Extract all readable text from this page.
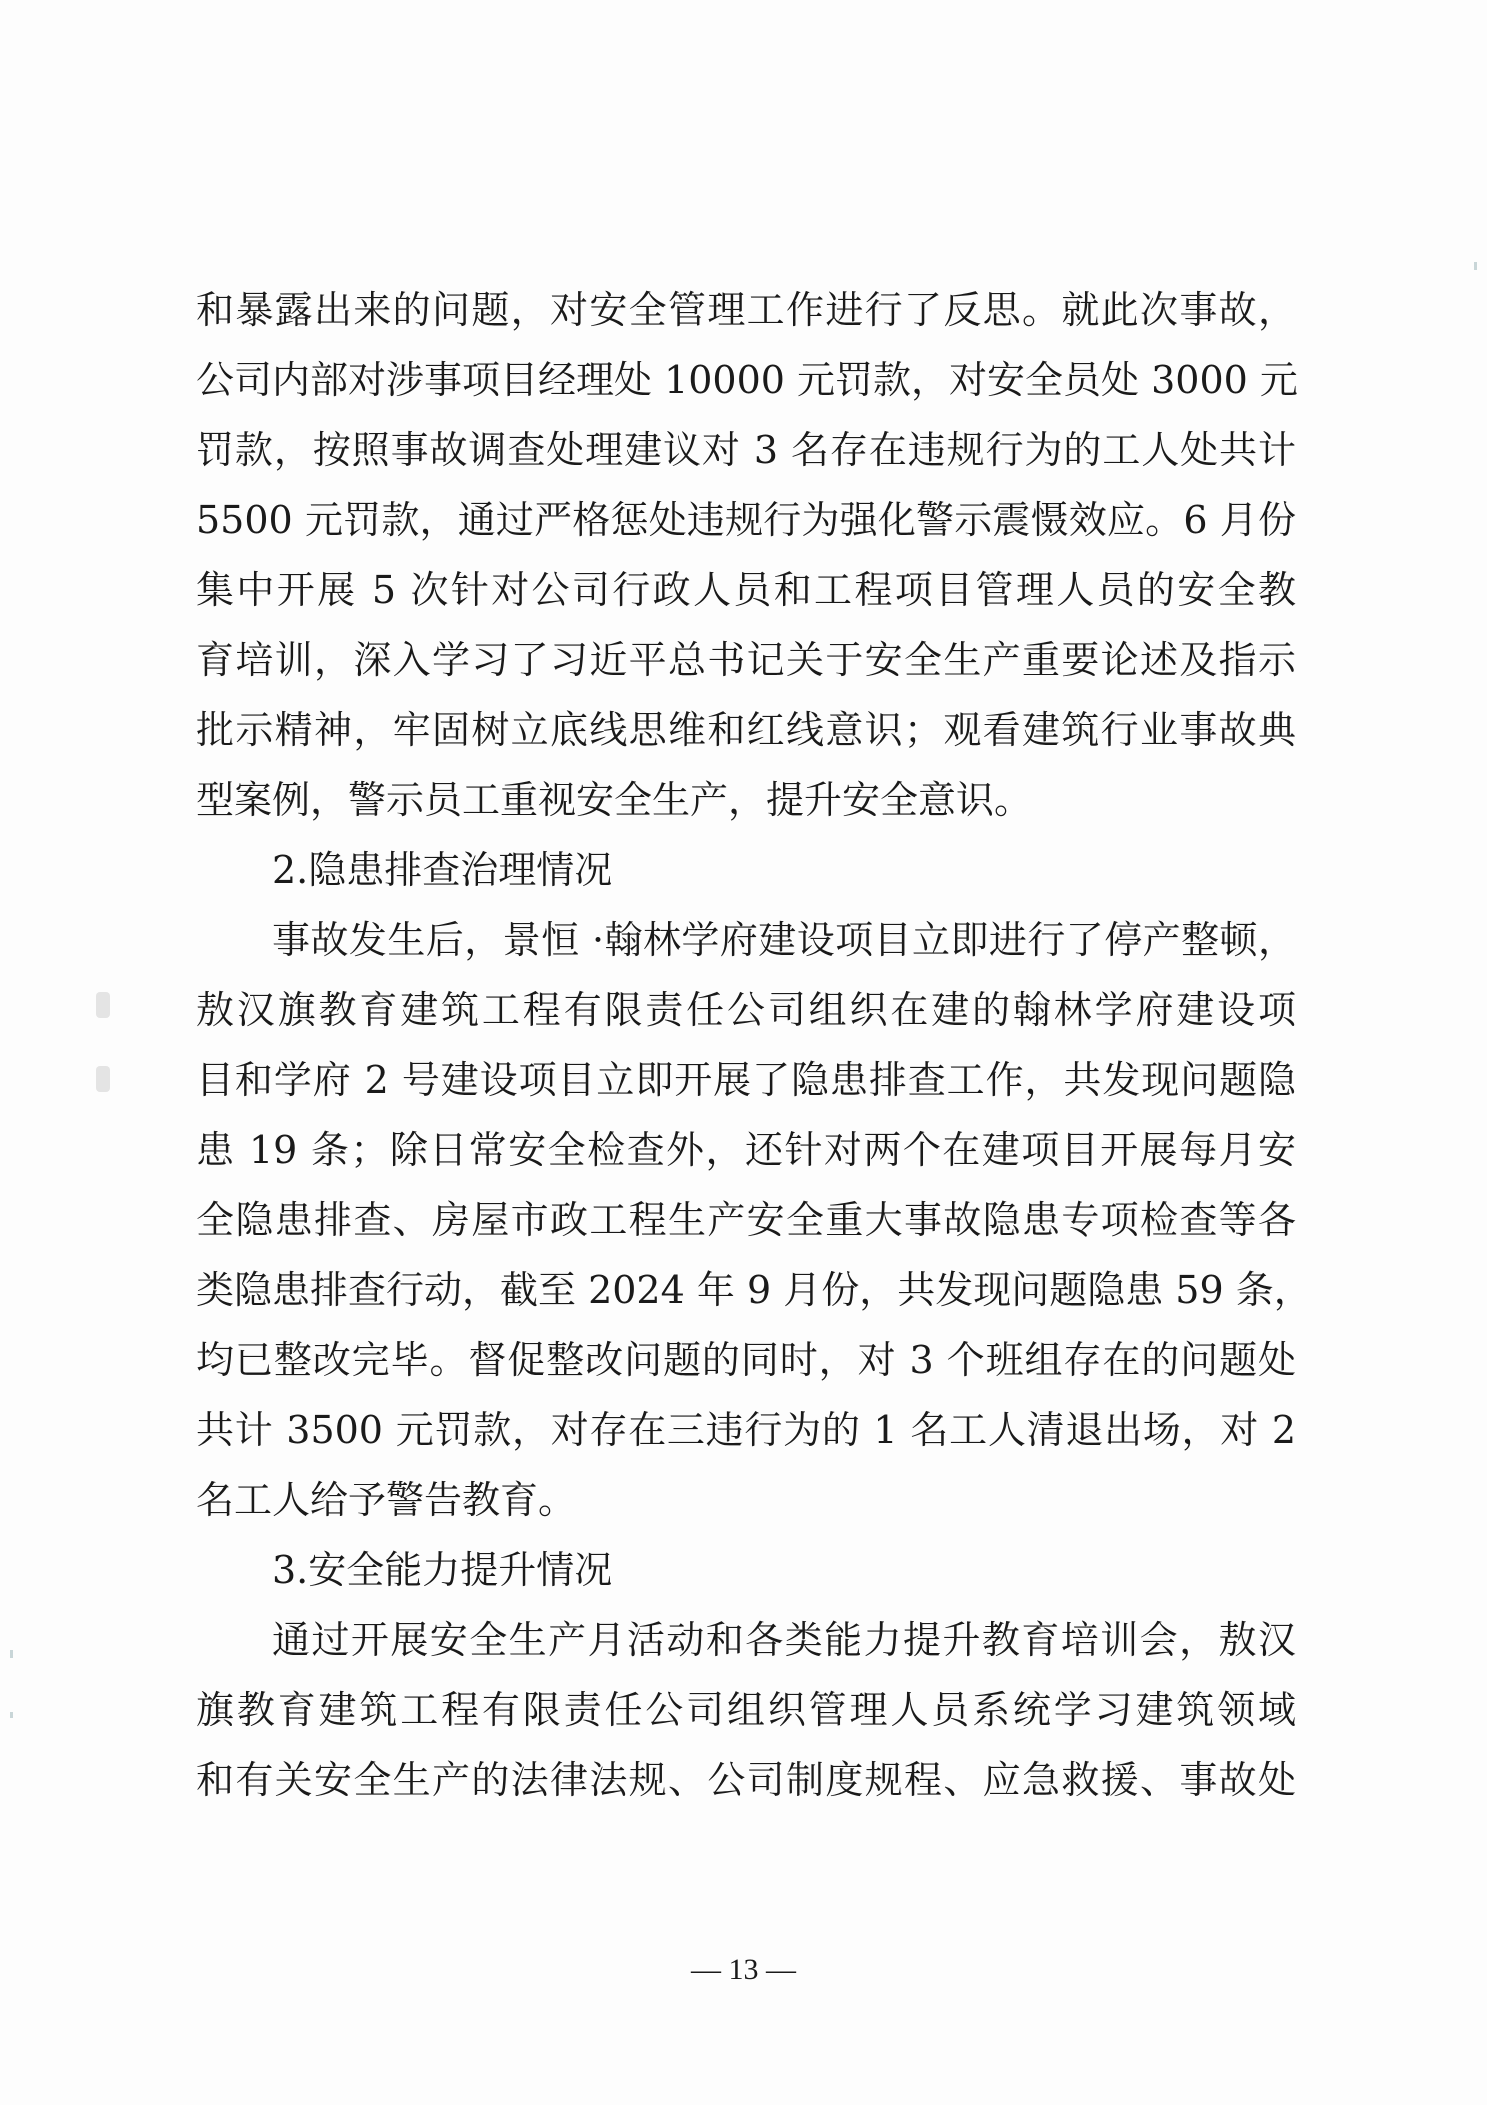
和暴露出来的问题，对安全管理工作进行了反思。就此次事故，
公司内部对涉事项目经理处 10000 元罚款，对安全员处 3000 元
罚款，按照事故调查处理建议对 3 名存在违规行为的工人处共计
5500 元罚款，通过严格惩处违规行为强化警示震慑效应。6 月份
集中开展 5 次针对公司行政人员和工程项目管理人员的安全教
育培训，深入学习了习近平总书记关于安全生产重要论述及指示
批示精神，牢固树立底线思维和红线意识；观看建筑行业事故典
型案例，警示员工重视安全生产，提升安全意识。
2.隐患排查治理情况
事故发生后，景恒 ·翰林学府建设项目立即进行了停产整顿，
敖汉旗教育建筑工程有限责任公司组织在建的翰林学府建设项
目和学府 2 号建设项目立即开展了隐患排查工作，共发现问题隐
患 19 条；除日常安全检查外，还针对两个在建项目开展每月安
全隐患排查、房屋市政工程生产安全重大事故隐患专项检查等各
类隐患排查行动，截至 2024 年 9 月份，共发现问题隐患 59 条，
均已整改完毕。督促整改问题的同时，对 3 个班组存在的问题处
共计 3500 元罚款，对存在三违行为的 1 名工人清退出场，对 2
名工人给予警告教育。
3.安全能力提升情况
通过开展安全生产月活动和各类能力提升教育培训会，敖汉
旗教育建筑工程有限责任公司组织管理人员系统学习建筑领域
和有关安全生产的法律法规、公司制度规程、应急救援、事故处
— 13 —
